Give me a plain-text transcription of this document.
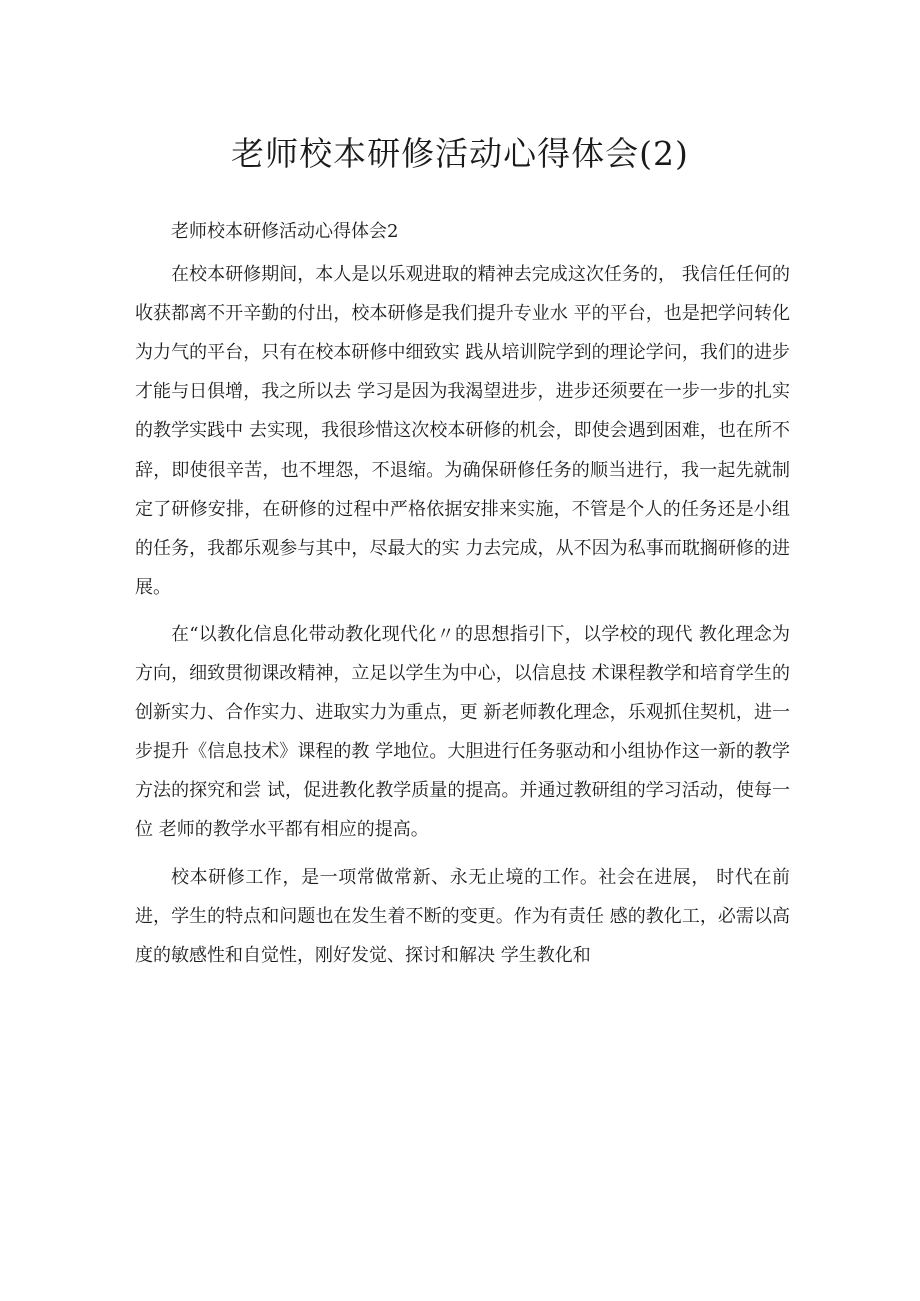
老师校本研修活动心得体会(2)

老师校本研修活动心得体会2

在校本研修期间，本人是以乐观进取的精神去完成这次任务的， 我信任任何的收获都离不开辛勤的付出，校本研修是我们提升专业水 平的平台，也是把学问转化为力气的平台，只有在校本研修中细致实 践从培训院学到的理论学问，我们的进步才能与日俱增，我之所以去 学习是因为我渴望进步，进步还须要在一步一步的扎实的教学实践中 去实现，我很珍惜这次校本研修的机会，即使会遇到困难，也在所不 辞，即使很辛苦，也不埋怨，不退缩。为确保研修任务的顺当进行，我一起先就制定了研修安排，在研修的过程中严格依据安排来实施，不管是个人的任务还是小组的任务，我都乐观参与其中，尽最大的实 力去完成，从不因为私事而耽搁研修的进展。

在“以教化信息化带动教化现代化〃的思想指引下，以学校的现代 教化理念为方向，细致贯彻课改精神，立足以学生为中心，以信息技 术课程教学和培育学生的创新实力、合作实力、进取实力为重点，更 新老师教化理念，乐观抓住契机，进一步提升《信息技术》课程的教 学地位。大胆进行任务驱动和小组协作这一新的教学方法的探究和尝 试，促进教化教学质量的提高。并通过教研组的学习活动，使每一位 老师的教学水平都有相应的提高。

校本研修工作，是一项常做常新、永无止境的工作。社会在进展， 时代在前进，学生的特点和问题也在发生着不断的变更。作为有责任 感的教化工，必需以高度的敏感性和自觉性，刚好发觉、探讨和解决 学生教化和
